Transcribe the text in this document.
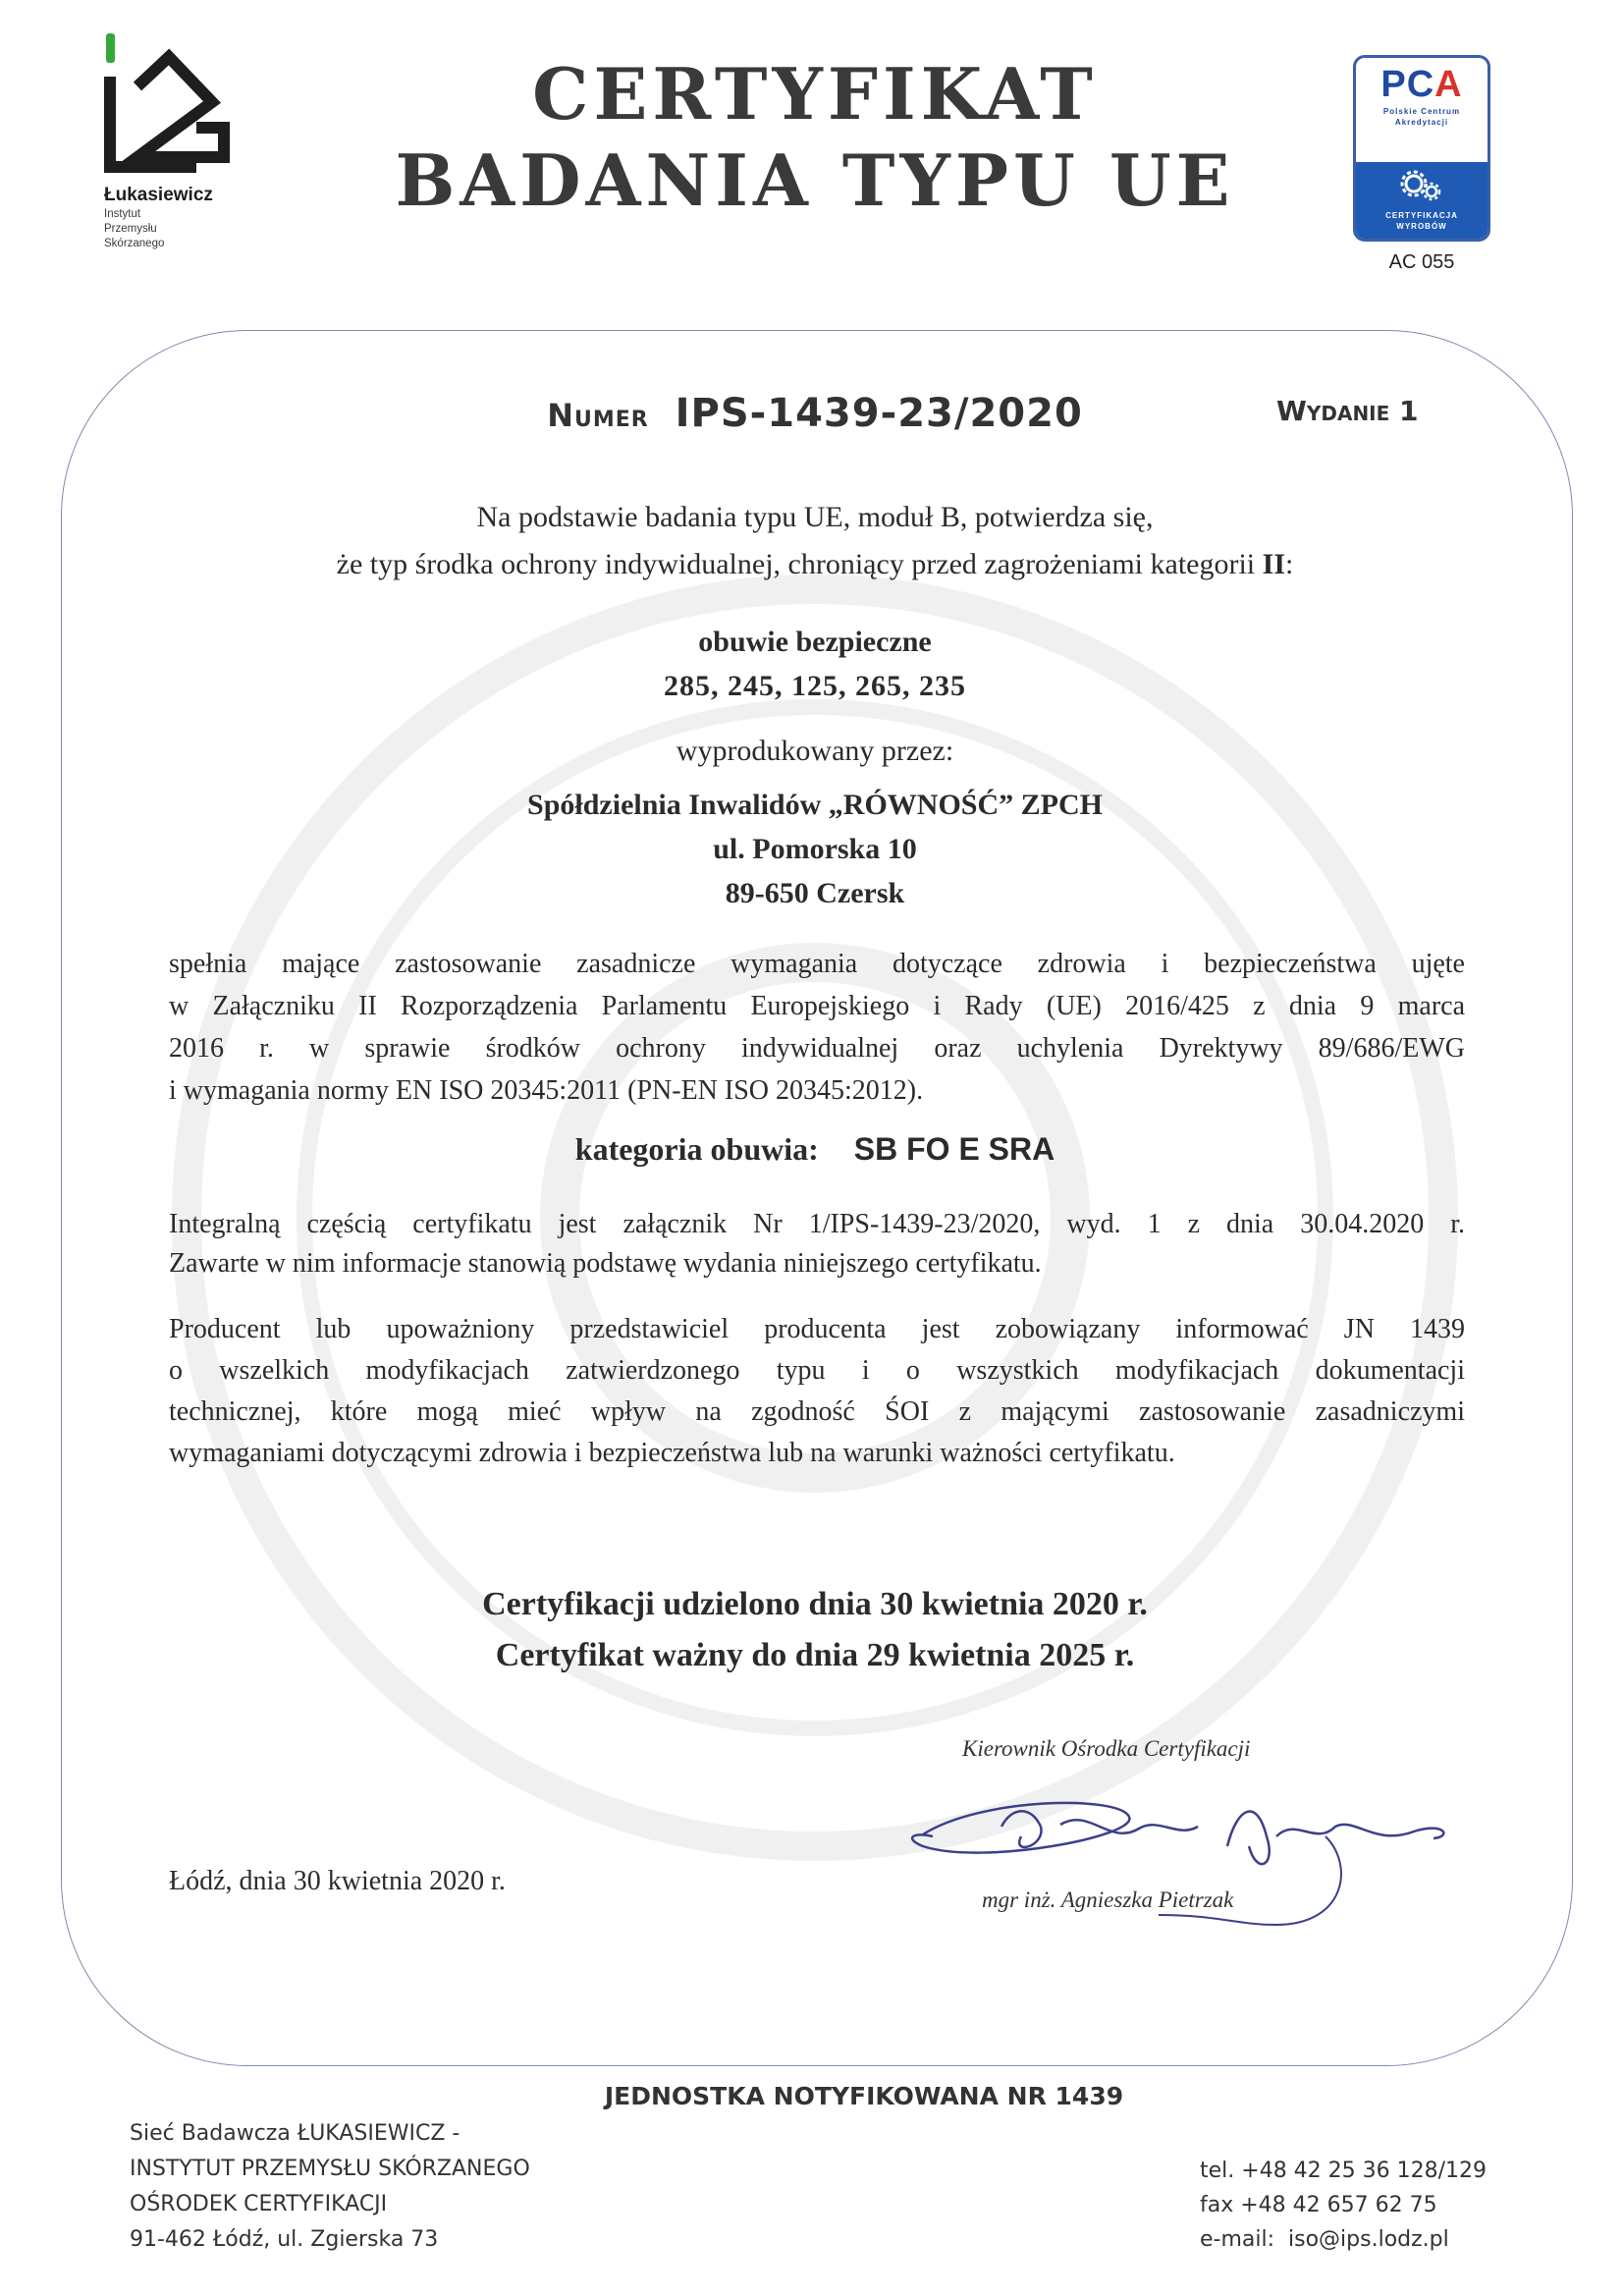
Łukasiewicz
Instytut
Przemysłu
Skórzanego
CERTYFIKAT
BADANIA TYPU UE
PCA
Polskie Centrum
Akredytacji
CERTYFIKACJA
WYROBÓW
AC 055
Numer IPS-1439-23/2020	Wydanie 1
Na podstawie badania typu UE, moduł B, potwierdza się,
że typ środka ochrony indywidualnej, chroniący przed zagrożeniami kategorii II:
obuwie bezpieczne
285, 245, 125, 265, 235
wyprodukowany przez:
Spółdzielnia Inwalidów „RÓWNOŚĆ” ZPCH
ul. Pomorska 10
89-650 Czersk
spełnia mające zastosowanie zasadnicze wymagania dotyczące zdrowia i bezpieczeństwa ujęte
w Załączniku II Rozporządzenia Parlamentu Europejskiego i Rady (UE) 2016/425 z dnia 9 marca
2016 r. w sprawie środków ochrony indywidualnej oraz uchylenia Dyrektywy 89/686/EWG
i wymagania normy EN ISO 20345:2011 (PN-EN ISO 20345:2012).
kategoria obuwia: SB FO E SRA
Integralną częścią certyfikatu jest załącznik Nr 1/IPS-1439-23/2020, wyd. 1 z dnia 30.04.2020 r.
Zawarte w nim informacje stanowią podstawę wydania niniejszego certyfikatu.
Producent lub upoważniony przedstawiciel producenta jest zobowiązany informować JN 1439
o wszelkich modyfikacjach zatwierdzonego typu i o wszystkich modyfikacjach dokumentacji
technicznej, które mogą mieć wpływ na zgodność ŚOI z mającymi zastosowanie zasadniczymi
wymaganiami dotyczącymi zdrowia i bezpieczeństwa lub na warunki ważności certyfikatu.
Certyfikacji udzielono dnia 30 kwietnia 2020 r.
Certyfikat ważny do dnia 29 kwietnia 2025 r.
Kierownik Ośrodka Certyfikacji
mgr inż. Agnieszka Pietrzak
Łódź, dnia 30 kwietnia 2020 r.
JEDNOSTKA NOTYFIKOWANA NR 1439
Sieć Badawcza ŁUKASIEWICZ -
INSTYTUT PRZEMYSŁU SKÓRZANEGO
OŚRODEK CERTYFIKACJI
91-462 Łódź, ul. Zgierska 73
tel. +48 42 25 36 128/129
fax +48 42 657 62 75
e-mail:  iso@ips.lodz.pl
